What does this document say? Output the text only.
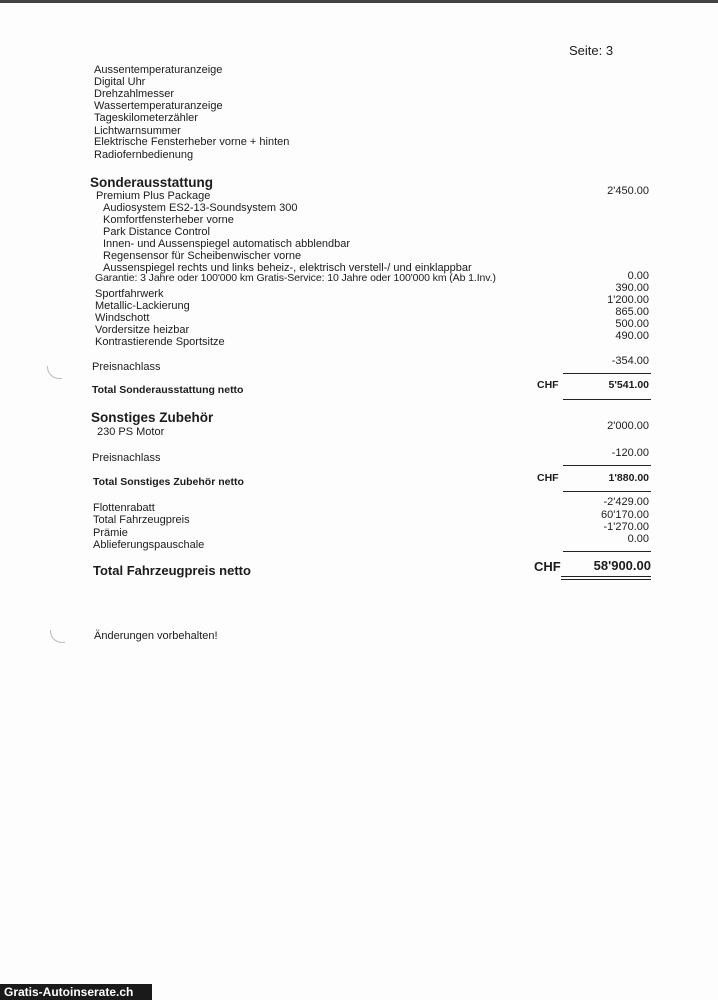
Seite: 3
Aussentemperaturanzeige
Digital Uhr
Drehzahlmesser
Wassertemperaturanzeige
Tageskilometerzähler
Lichtwarnsummer
Elektrische Fensterheber vorne + hinten
Radiofernbedienung
Sonderausstattung
Premium Plus Package	2'450.00
Audiosystem ES2-13-Soundsystem 300
Komfortfensterheber vorne
Park Distance Control
Innen- und Aussenspiegel automatisch abblendbar
Regensensor für Scheibenwischer vorne
Aussenspiegel rechts und links beheiz-, elektrisch verstell-/ und einklappbar
Garantie: 3 Jahre oder 100'000 km Gratis-Service: 10 Jahre oder 100'000 km (Ab 1.Inv.)	0.00
Sportfahrwerk	390.00
Metallic-Lackierung	1'200.00
Windschott	865.00
Vordersitze heizbar	500.00
Kontrastierende Sportsitze	490.00
Preisnachlass	-354.00
Total Sonderausstattung netto	CHF	5'541.00
Sonstiges Zubehör
230 PS Motor	2'000.00
Preisnachlass	-120.00
Total Sonstiges Zubehör netto	CHF	1'880.00
Flottenrabatt	-2'429.00
Total Fahrzeugpreis	60'170.00
Prämie	-1'270.00
Ablieferungspauschale	0.00
Total Fahrzeugpreis netto	CHF	58'900.00
Änderungen vorbehalten!
Gratis-Autoinserate.ch
